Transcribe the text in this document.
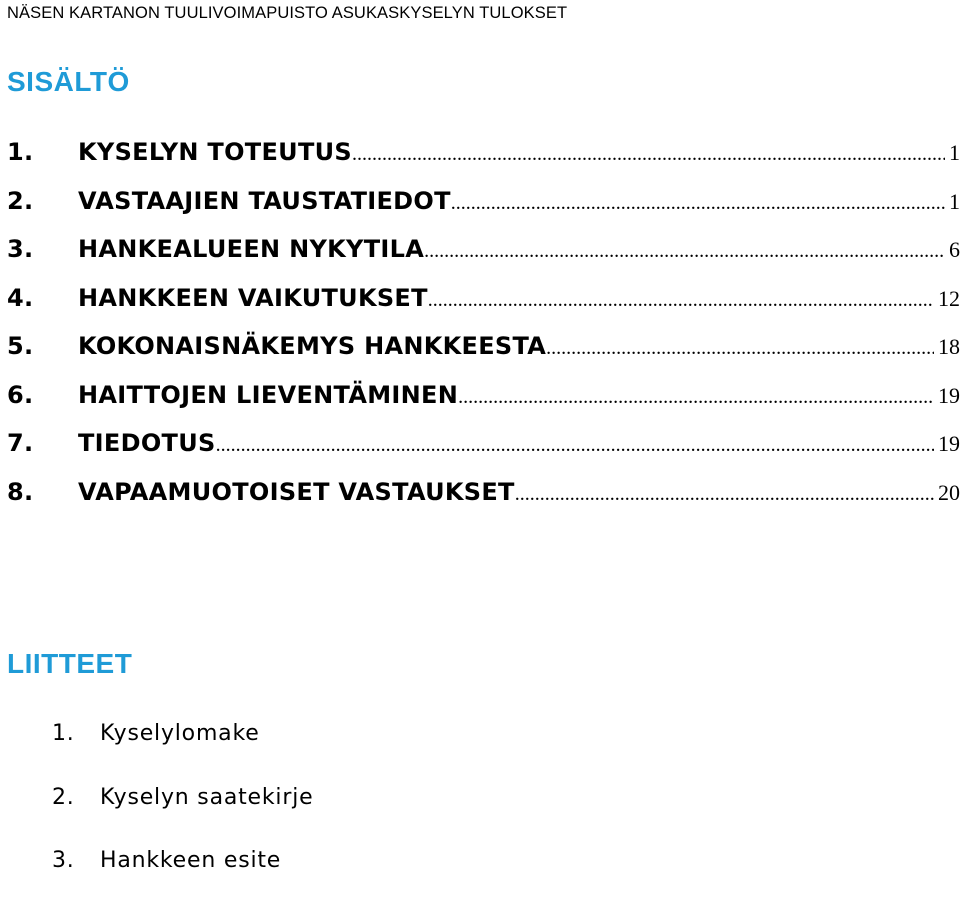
NÄSEN KARTANON TUULIVOIMAPUISTO ASUKASKYSELYN TULOKSET
SISÄLTÖ
1.	KYSELYN TOTEUTUS .....	1
2.	VASTAAJIEN TAUSTATIEDOT .....	1
3.	HANKEALUEEN NYKYTILA .....	6
4.	HANKKEEN VAIKUTUKSET .....	12
5.	KOKONAISNÄKEMYS HANKKEESTA .....	18
6.	HAITTOJEN LIEVENTÄMINEN .....	19
7.	TIEDOTUS .....	19
8.	VAPAAMUOTOISET VASTAUKSET .....	20
LIITTEET
1.	Kyselylomake
2.	Kyselyn saatekirje
3.	Hankkeen esite
